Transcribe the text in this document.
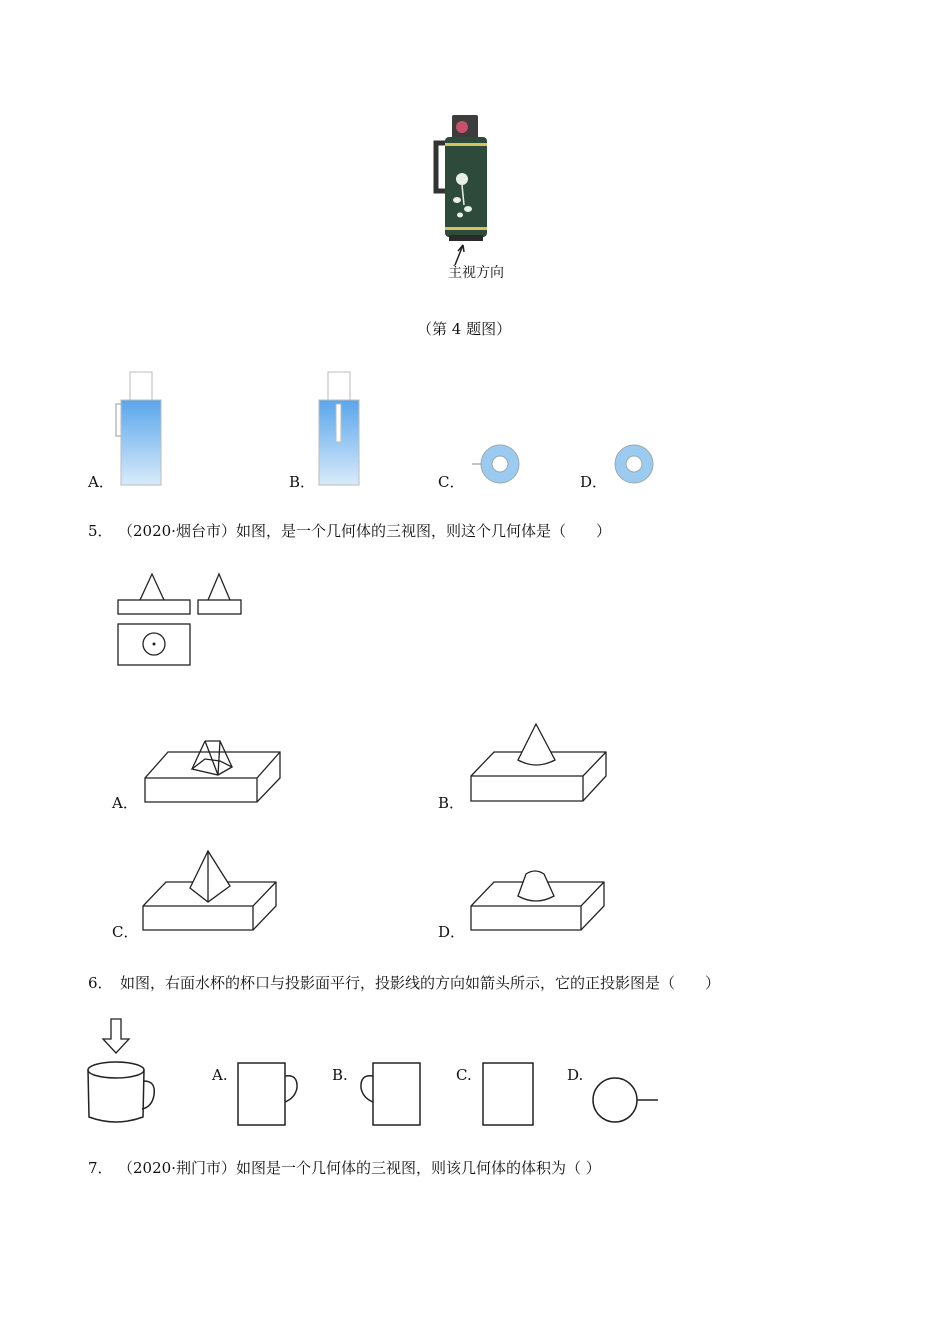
主视方向
（第 4 题图）
A．	B．	C．	D．
5． （2020·烟台市）如图，是一个几何体的三视图，则这个几何体是（　　）
A．	B．
C．	D．
6． 如图，右面水杯的杯口与投影面平行，投影线的方向如箭头所示，它的正投影图是（　　）
A.	B.	C.	D.
7． （2020·荆门市）如图是一个几何体的三视图，则该几何体的体积为（ ）
